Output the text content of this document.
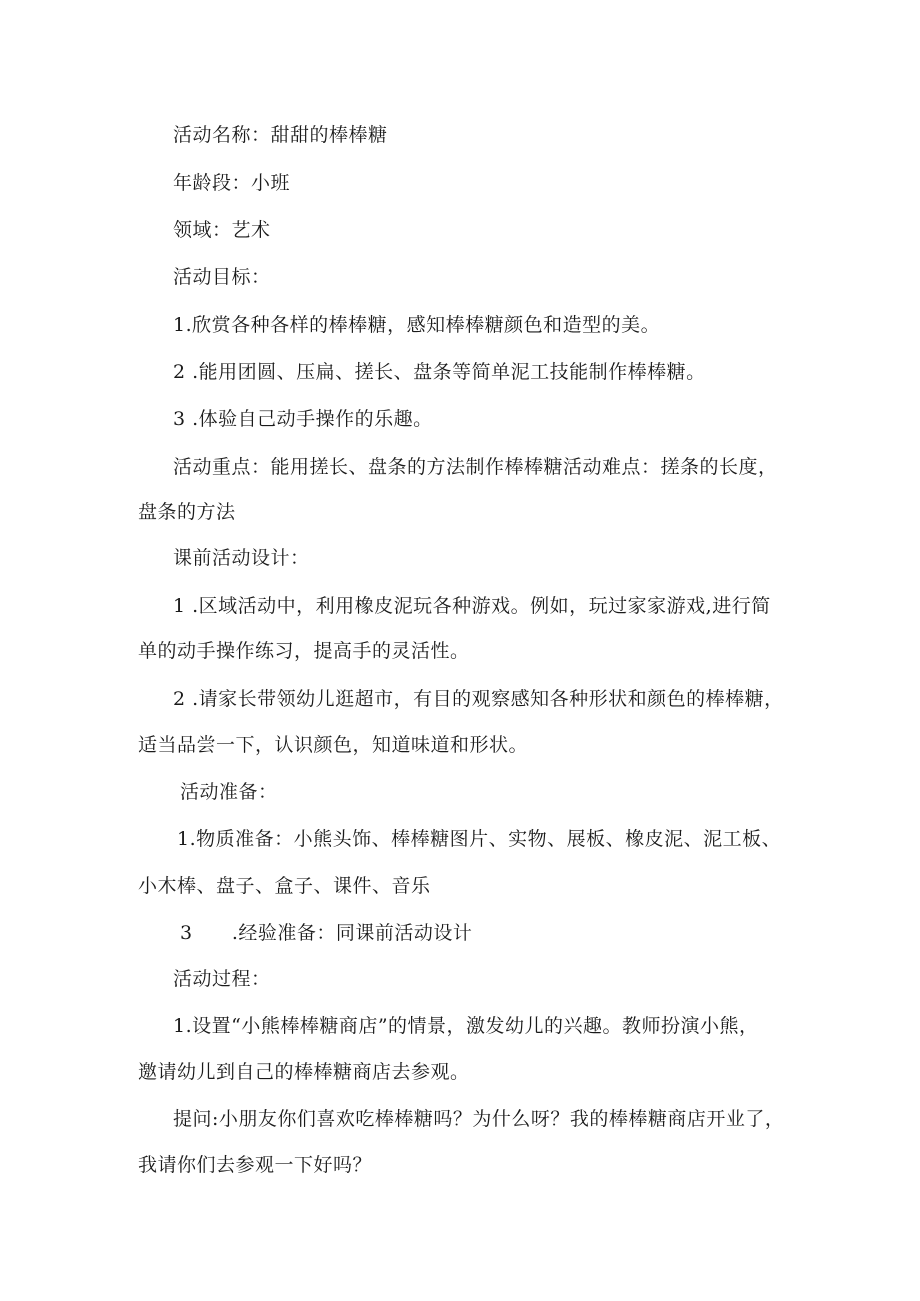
活动名称：甜甜的棒棒糖
年龄段：小班
领域：艺术
活动目标：
1.欣赏各种各样的棒棒糖，感知棒棒糖颜色和造型的美。
2 .能用团圆、压扁、搓长、盘条等简单泥工技能制作棒棒糖。
3 .体验自己动手操作的乐趣。
活动重点：能用搓长、盘条的方法制作棒棒糖活动难点：搓条的长度，
盘条的方法
课前活动设计：
1 .区域活动中，利用橡皮泥玩各种游戏。例如，玩过家家游戏,进行简
单的动手操作练习，提高手的灵活性。
2 .请家长带领幼儿逛超市，有目的观察感知各种形状和颜色的棒棒糖，
适当品尝一下，认识颜色，知道味道和形状。
活动准备：
1.物质准备：小熊头饰、棒棒糖图片、实物、展板、橡皮泥、泥工板、
小木棒、盘子、盒子、课件、音乐
3      .经验准备：同课前活动设计
活动过程：
1.设置“小熊棒棒糖商店”的情景，激发幼儿的兴趣。教师扮演小熊，
邀请幼儿到自己的棒棒糖商店去参观。
提问:小朋友你们喜欢吃棒棒糖吗？为什么呀？我的棒棒糖商店开业了，
我请你们去参观一下好吗？
